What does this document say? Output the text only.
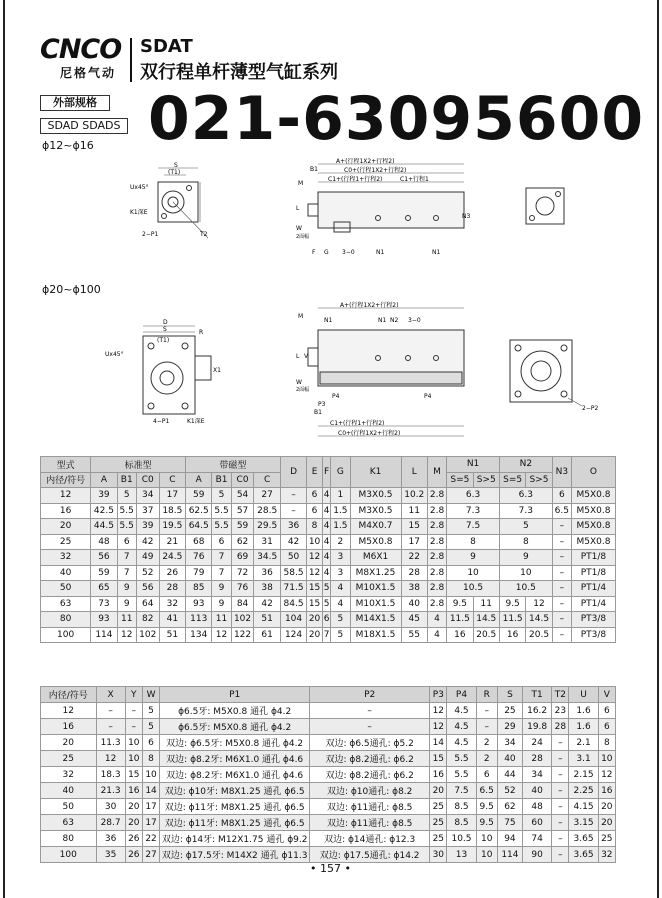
CNCO
尼格气动
SDAT
双行程单杆薄型气缸系列
外部规格
SDAD SDADS 021-63095600
ϕ12~ϕ16
S
(T1)
Ux45°
K1深E
2−P1	T2
A+(行程1X2+行程2)
C0+(行程1X2+行程2)
C1+(行程1+行程2)	C1+行程1
B1
M
L
W
2面幅
F G 3−0	N1	N1
N3
ϕ20~ϕ100
D
S
(T1)
R
Ux45°
X1
4−P1	K1深E
A+(行程1X2+行程2)
N1	N1 N2 3−0
M
L V
W
2面幅
P4	P4
P3
B1
C1+(行程1+行程2)
C0+(行程1X2+行程2)
2−P2
型式	标准型				带磁型				D	E	F	G	K1	L	M	N1		N2		N3	O
内径/符号	A	B1	C0	C	A	B1	C0	C								S=5	S>5	S=5	S>5		
12	39	5	34	17	59	5	54	27	–	6	4	1	M3X0.5	10.2	2.8	6.3		6.3		6	M5X0.8
16	42.5	5.5	37	18.5	62.5	5.5	57	28.5	–	6	4	1.5	M3X0.5	11	2.8	7.3		7.3		6.5	M5X0.8
20	44.5	5.5	39	19.5	64.5	5.5	59	29.5	36	8	4	1.5	M4X0.7	15	2.8	7.5		5		–	M5X0.8
25	48	6	42	21	68	6	62	31	42	10	4	2	M5X0.8	17	2.8	8		8		–	M5X0.8
32	56	7	49	24.5	76	7	69	34.5	50	12	4	3	M6X1	22	2.8	9		9		–	PT1/8
40	59	7	52	26	79	7	72	36	58.5	12	4	3	M8X1.25	28	2.8	10		10		–	PT1/8
50	65	9	56	28	85	9	76	38	71.5	15	5	4	M10X1.5	38	2.8	10.5		10.5		–	PT1/4
63	73	9	64	32	93	9	84	42	84.5	15	5	4	M10X1.5	40	2.8	9.5	11	9.5	12	–	PT1/4
80	93	11	82	41	113	11	102	51	104	20	6	5	M14X1.5	45	4	11.5	14.5	11.5	14.5	–	PT3/8
100	114	12	102	51	134	12	122	61	124	20	7	5	M18X1.5	55	4	16	20.5	16	20.5	–	PT3/8
内径/符号	X	Y	W	P1	P2	P3	P4	R	S	T1	T2	U	V
12	–	–	5	ϕ6.5牙: M5X0.8 通孔 ϕ4.2	–	12	4.5	–	25	16.2	23	1.6	6
16	–	–	5	ϕ6.5牙: M5X0.8 通孔 ϕ4.2	–	12	4.5	–	29	19.8	28	1.6	6
20	11.3	10	6	双边: ϕ6.5牙: M5X0.8 通孔 ϕ4.2	双边: ϕ6.5通孔: ϕ5.2	14	4.5	2	34	24	–	2.1	8
25	12	10	8	双边: ϕ8.2牙: M6X1.0 通孔 ϕ4.6	双边: ϕ8.2通孔: ϕ6.2	15	5.5	2	40	28	–	3.1	10
32	18.3	15	10	双边: ϕ8.2牙: M6X1.0 通孔 ϕ4.6	双边: ϕ8.2通孔: ϕ6.2	16	5.5	6	44	34	–	2.15	12
40	21.3	16	14	双边: ϕ10牙: M8X1.25 通孔 ϕ6.5	双边: ϕ10通孔: ϕ8.2	20	7.5	6.5	52	40	–	2.25	16
50	30	20	17	双边: ϕ11牙: M8X1.25 通孔 ϕ6.5	双边: ϕ11通孔: ϕ8.5	25	8.5	9.5	62	48	–	4.15	20
63	28.7	20	17	双边: ϕ11牙: M8X1.25 通孔 ϕ6.5	双边: ϕ11通孔: ϕ8.5	25	8.5	9.5	75	60	–	3.15	20
80	36	26	22	双边: ϕ14牙: M12X1.75 通孔 ϕ9.2	双边: ϕ14通孔: ϕ12.3	25	10.5	10	94	74	–	3.65	25
100	35	26	27	双边: ϕ17.5牙: M14X2 通孔 ϕ11.3	双边: ϕ17.5通孔: ϕ14.2	30	13	10	114	90	–	3.65	32
• 157 •
